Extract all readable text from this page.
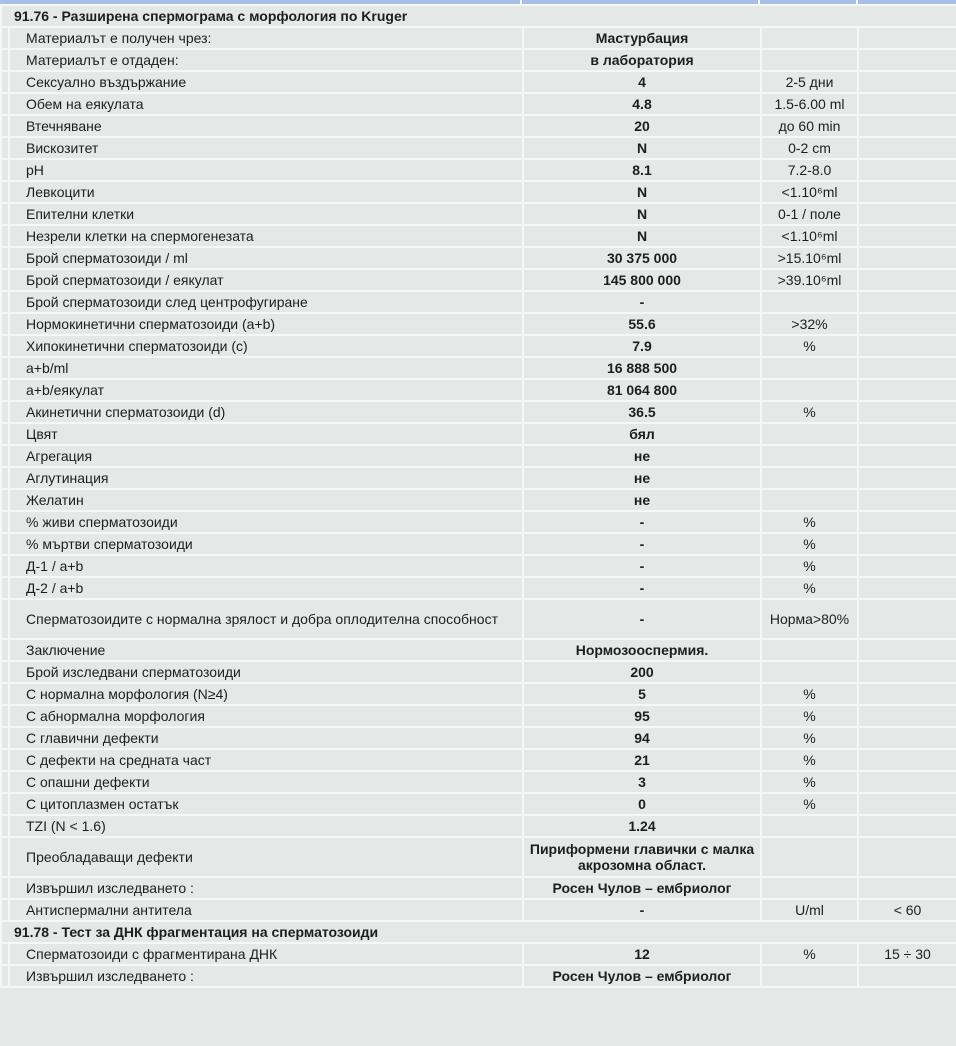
91.76 - Разширена спермограма с морфология по Kruger				
	Материалът е получен чрез:	Мастурбация		
	Материалът е отдаден:	в лаборатория		
	Сексуално въздържание	4	2-5 дни	
	Обем на еякулата	4.8	1.5-6.00 ml	
	Втечняване	20	до 60 min	
	Вискозитет	N	0-2 cm	
	pH	8.1	7.2-8.0	
	Левкоцити	N	<1.10⁶ml	
	Епителни клетки	N	0-1 / поле	
	Незрели клетки на спермогенезата	N	<1.10⁶ml	
	Брой сперматозоиди / ml	30 375 000	>15.10⁶ml	
	Брой сперматозоиди / еякулат	145 800 000	>39.10⁶ml	
	Брой сперматозоиди след центрофугиране	-		
	Нормокинетични сперматозоиди (a+b)	55.6	>32%	
	Хипокинетични сперматозоиди (c)	7.9	%	
	a+b/ml	16 888 500		
	a+b/еякулат	81 064 800		
	Акинетични сперматозоиди (d)	36.5	%	
	Цвят	бял		
	Агрегация	не		
	Аглутинация	не		
	Желатин	не		
	% живи сперматозоиди	-	%	
	% мъртви сперматозоиди	-	%	
	Д-1 / a+b	-	%	
	Д-2 / a+b	-	%	
	Сперматозоидите с нормална зрялост и добра оплодителна способност	-	Норма>80%	
	Заключение	Нормозооспермия.		
	Брой изследвани сперматозоиди	200		
	С нормална морфология (N≥4)	5	%	
	С абнормална морфология	95	%	
	С главични дефекти	94	%	
	С дефекти на средната част	21	%	
	С опашни дефекти	3	%	
	С цитоплазмен остатък	0	%	
	TZI (N < 1.6)	1.24		
	Преобладаващи дефекти	Пириформени главички с малка акрозомна област.		
	Извършил изследването :	Росен Чулов – ембриолог		
	Антиспермални антитела	-	U/ml	< 60
91.78 - Тест за ДНК фрагментация на сперматозоиди				
	Сперматозоиди с фрагментирана ДНК	12	%	15 ÷ 30
	Извършил изследването :	Росен Чулов – ембриолог		
